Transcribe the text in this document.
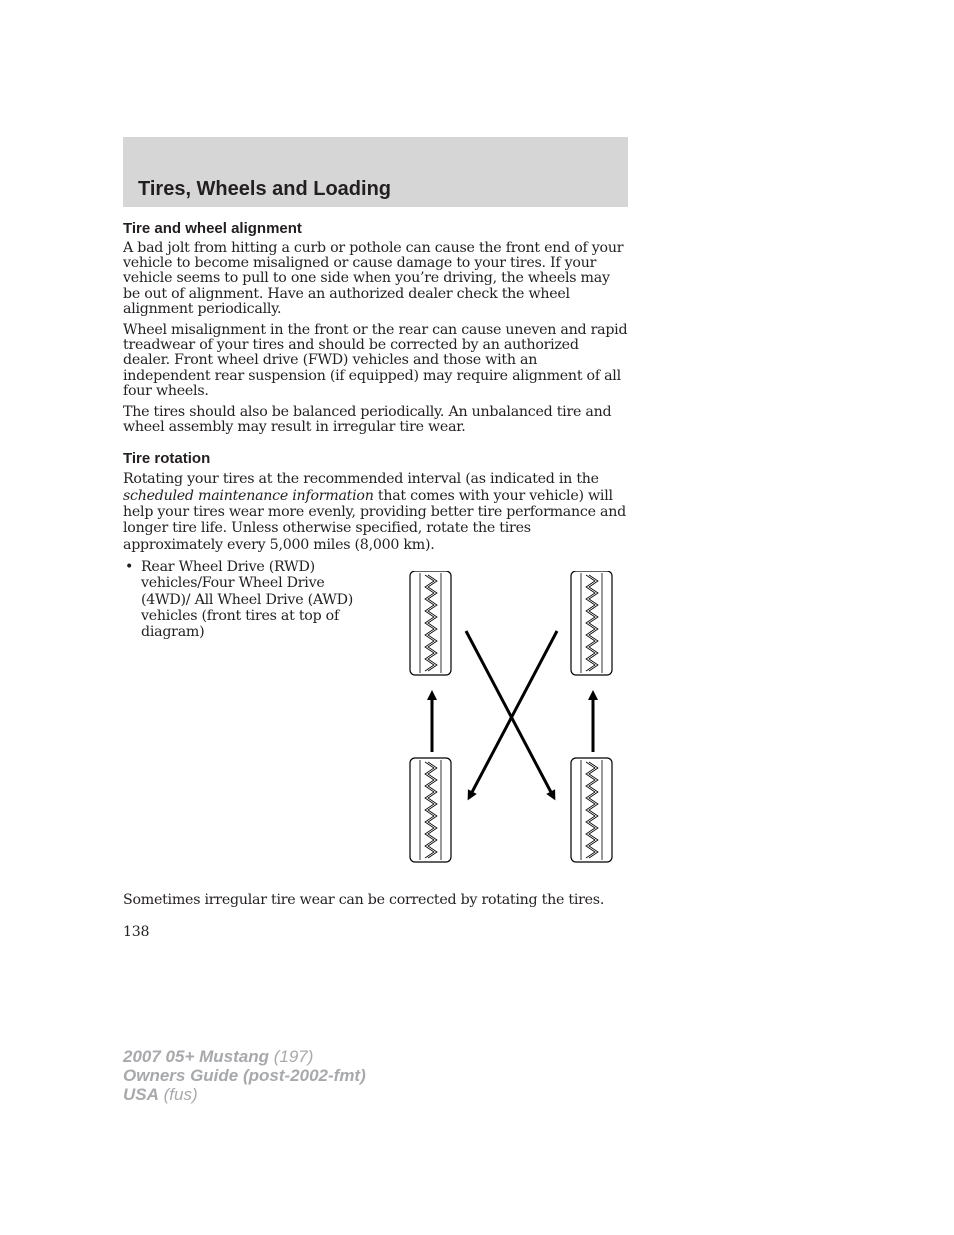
Tires, Wheels and Loading
Tire and wheel alignment

A bad jolt from hitting a curb or pothole can cause the front end of your vehicle to become misaligned or cause damage to your tires. If your vehicle seems to pull to one side when you’re driving, the wheels may be out of alignment. Have an authorized dealer check the wheel alignment periodically.

Wheel misalignment in the front or the rear can cause uneven and rapid treadwear of your tires and should be corrected by an authorized dealer. Front wheel drive (FWD) vehicles and those with an independent rear suspension (if equipped) may require alignment of all four wheels.

The tires should also be balanced periodically. An unbalanced tire and wheel assembly may result in irregular tire wear.

Tire rotation

Rotating your tires at the recommended interval (as indicated in the scheduled maintenance information that comes with your vehicle) will help your tires wear more evenly, providing better tire performance and longer tire life. Unless otherwise specified, rotate the tires approximately every 5,000 miles (8,000 km).

• Rear Wheel Drive (RWD) vehicles/Four Wheel Drive (4WD)/ All Wheel Drive (AWD) vehicles (front tires at top of diagram)

Sometimes irregular tire wear can be corrected by rotating the tires.

138

2007 05+ Mustang (197)
Owners Guide (post-2002-fmt)
USA (fus)
